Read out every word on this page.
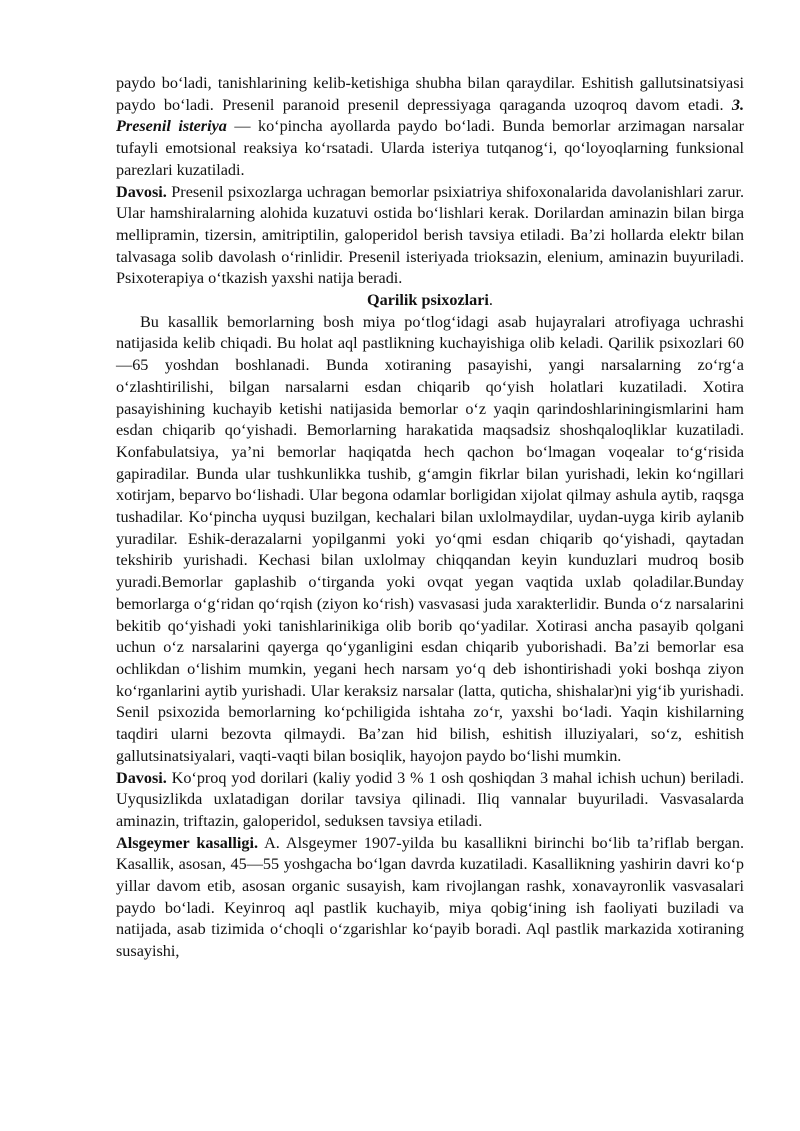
paydo bo‘ladi, tanishlarining kelib-ketishiga shubha bilan qaraydilar. Eshitish gallutsinatsiyasi paydo bo‘ladi. Presenil paranoid presenil depressiyaga qaraganda uzoqroq davom etadi. 3. Presenil isteriya — ko‘pincha ayollarda paydo bo‘ladi. Bunda bemorlar arzimagan narsalar tufayli emotsional reaksiya ko‘rsatadi. Ularda isteriya tutqanog‘i, qo‘loyoqlarning funksional parezlari kuzatiladi.

Davosi. Presenil psixozlarga uchragan bemorlar psixiatriya shifoxonalarida davolanishlari zarur. Ular hamshiralarning alohida kuzatuvi ostida bo‘lishlari kerak. Dorilardan aminazin bilan birga mellipramin, tizersin, amitriptilin, galoperidol berish tavsiya etiladi. Ba’zi hollarda elektr bilan talvasaga solib davolash o‘rinlidir. Presenil isteriyada trioksazin, elenium, aminazin buyuriladi. Psixoterapiya o‘tkazish yaxshi natija beradi.

Qarilik psixozlari.

Bu kasallik bemorlarning bosh miya po‘tlog‘idagi asab hujayralari atrofiyaga uchrashi natijasida kelib chiqadi. Bu holat aql pastlikning kuchayishiga olib keladi. Qarilik psixozlari 60—65 yoshdan boshlanadi. Bunda xotiraning pasayishi, yangi narsalarning zo‘rg‘a o‘zlashtirilishi, bilgan narsalarni esdan chiqarib qo‘yish holatlari kuzatiladi. Xotira pasayishining kuchayib ketishi natijasida bemorlar o‘z yaqin qarindoshlariningismlarini ham esdan chiqarib qo‘yishadi. Bemorlarning harakatida maqsadsiz shoshqaloqliklar kuzatiladi. Konfabulatsiya, ya’ni bemorlar haqiqatda hech qachon bo‘lmagan voqealar to‘g‘risida gapiradilar. Bunda ular tushkunlikka tushib, g‘amgin fikrlar bilan yurishadi, lekin ko‘ngillari xotirjam, beparvo bo‘lishadi. Ular begona odamlar borligidan xijolat qilmay ashula aytib, raqsga tushadilar. Ko‘pincha uyqusi buzilgan, kechalari bilan uxlolmaydilar, uydan-uyga kirib aylanib yuradilar. Eshik-derazalarni yopilganmi yoki yo‘qmi esdan chiqarib qo‘yishadi, qaytadan tekshirib yurishadi. Kechasi bilan uxlolmay chiqqandan keyin kunduzlari mudroq bosib yuradi.Bemorlar gaplashib o‘tirganda yoki ovqat yegan vaqtida uxlab qoladilar.Bunday bemorlarga o‘g‘ridan qo‘rqish (ziyon ko‘rish) vasvasasi juda xarakterlidir. Bunda o‘z narsalarini bekitib qo‘yishadi yoki tanishlarinikiga olib borib qo‘yadilar. Xotirasi ancha pasayib qolgani uchun o‘z narsalarini qayerga qo‘yganligini esdan chiqarib yuborishadi. Ba’zi bemorlar esa ochlikdan o‘lishim mumkin, yegani hech narsam yo‘q deb ishontirishadi yoki boshqa ziyon ko‘rganlarini aytib yurishadi. Ular keraksiz narsalar (latta, quticha, shishalar)ni yig‘ib yurishadi. Senil psixozida bemorlarning ko‘pchiligida ishtaha zo‘r, yaxshi bo‘ladi. Yaqin kishilarning taqdiri ularni bezovta qilmaydi. Ba’zan hid bilish, eshitish illuziyalari, so‘z, eshitish gallutsinatsiyalari, vaqti-vaqti bilan bosiqlik, hayojon paydo bo‘lishi mumkin.

Davosi. Ko‘proq yod dorilari (kaliy yodid 3 % 1 osh qoshiqdan 3 mahal ichish uchun) beriladi. Uyqusizlikda uxlatadigan dorilar tavsiya qilinadi. Iliq vannalar buyuriladi. Vasvasalarda aminazin, triftazin, galoperidol, seduksen tavsiya etiladi.

Alsgeymer kasalligi. A. Alsgeymer 1907-yilda bu kasallikni birinchi bo‘lib ta’riflab bergan. Kasallik, asosan, 45—55 yoshgacha bo‘lgan davrda kuzatiladi. Kasallikning yashirin davri ko‘p yillar davom etib, asosan organic susayish, kam rivojlangan rashk, xonavayronlik vasvasalari paydo bo‘ladi. Keyinroq aql pastlik kuchayib, miya qobig‘ining ish faoliyati buziladi va natijada, asab tizimida o‘choqli o‘zgarishlar ko‘payib boradi. Aql pastlik markazida xotiraning susayishi,
